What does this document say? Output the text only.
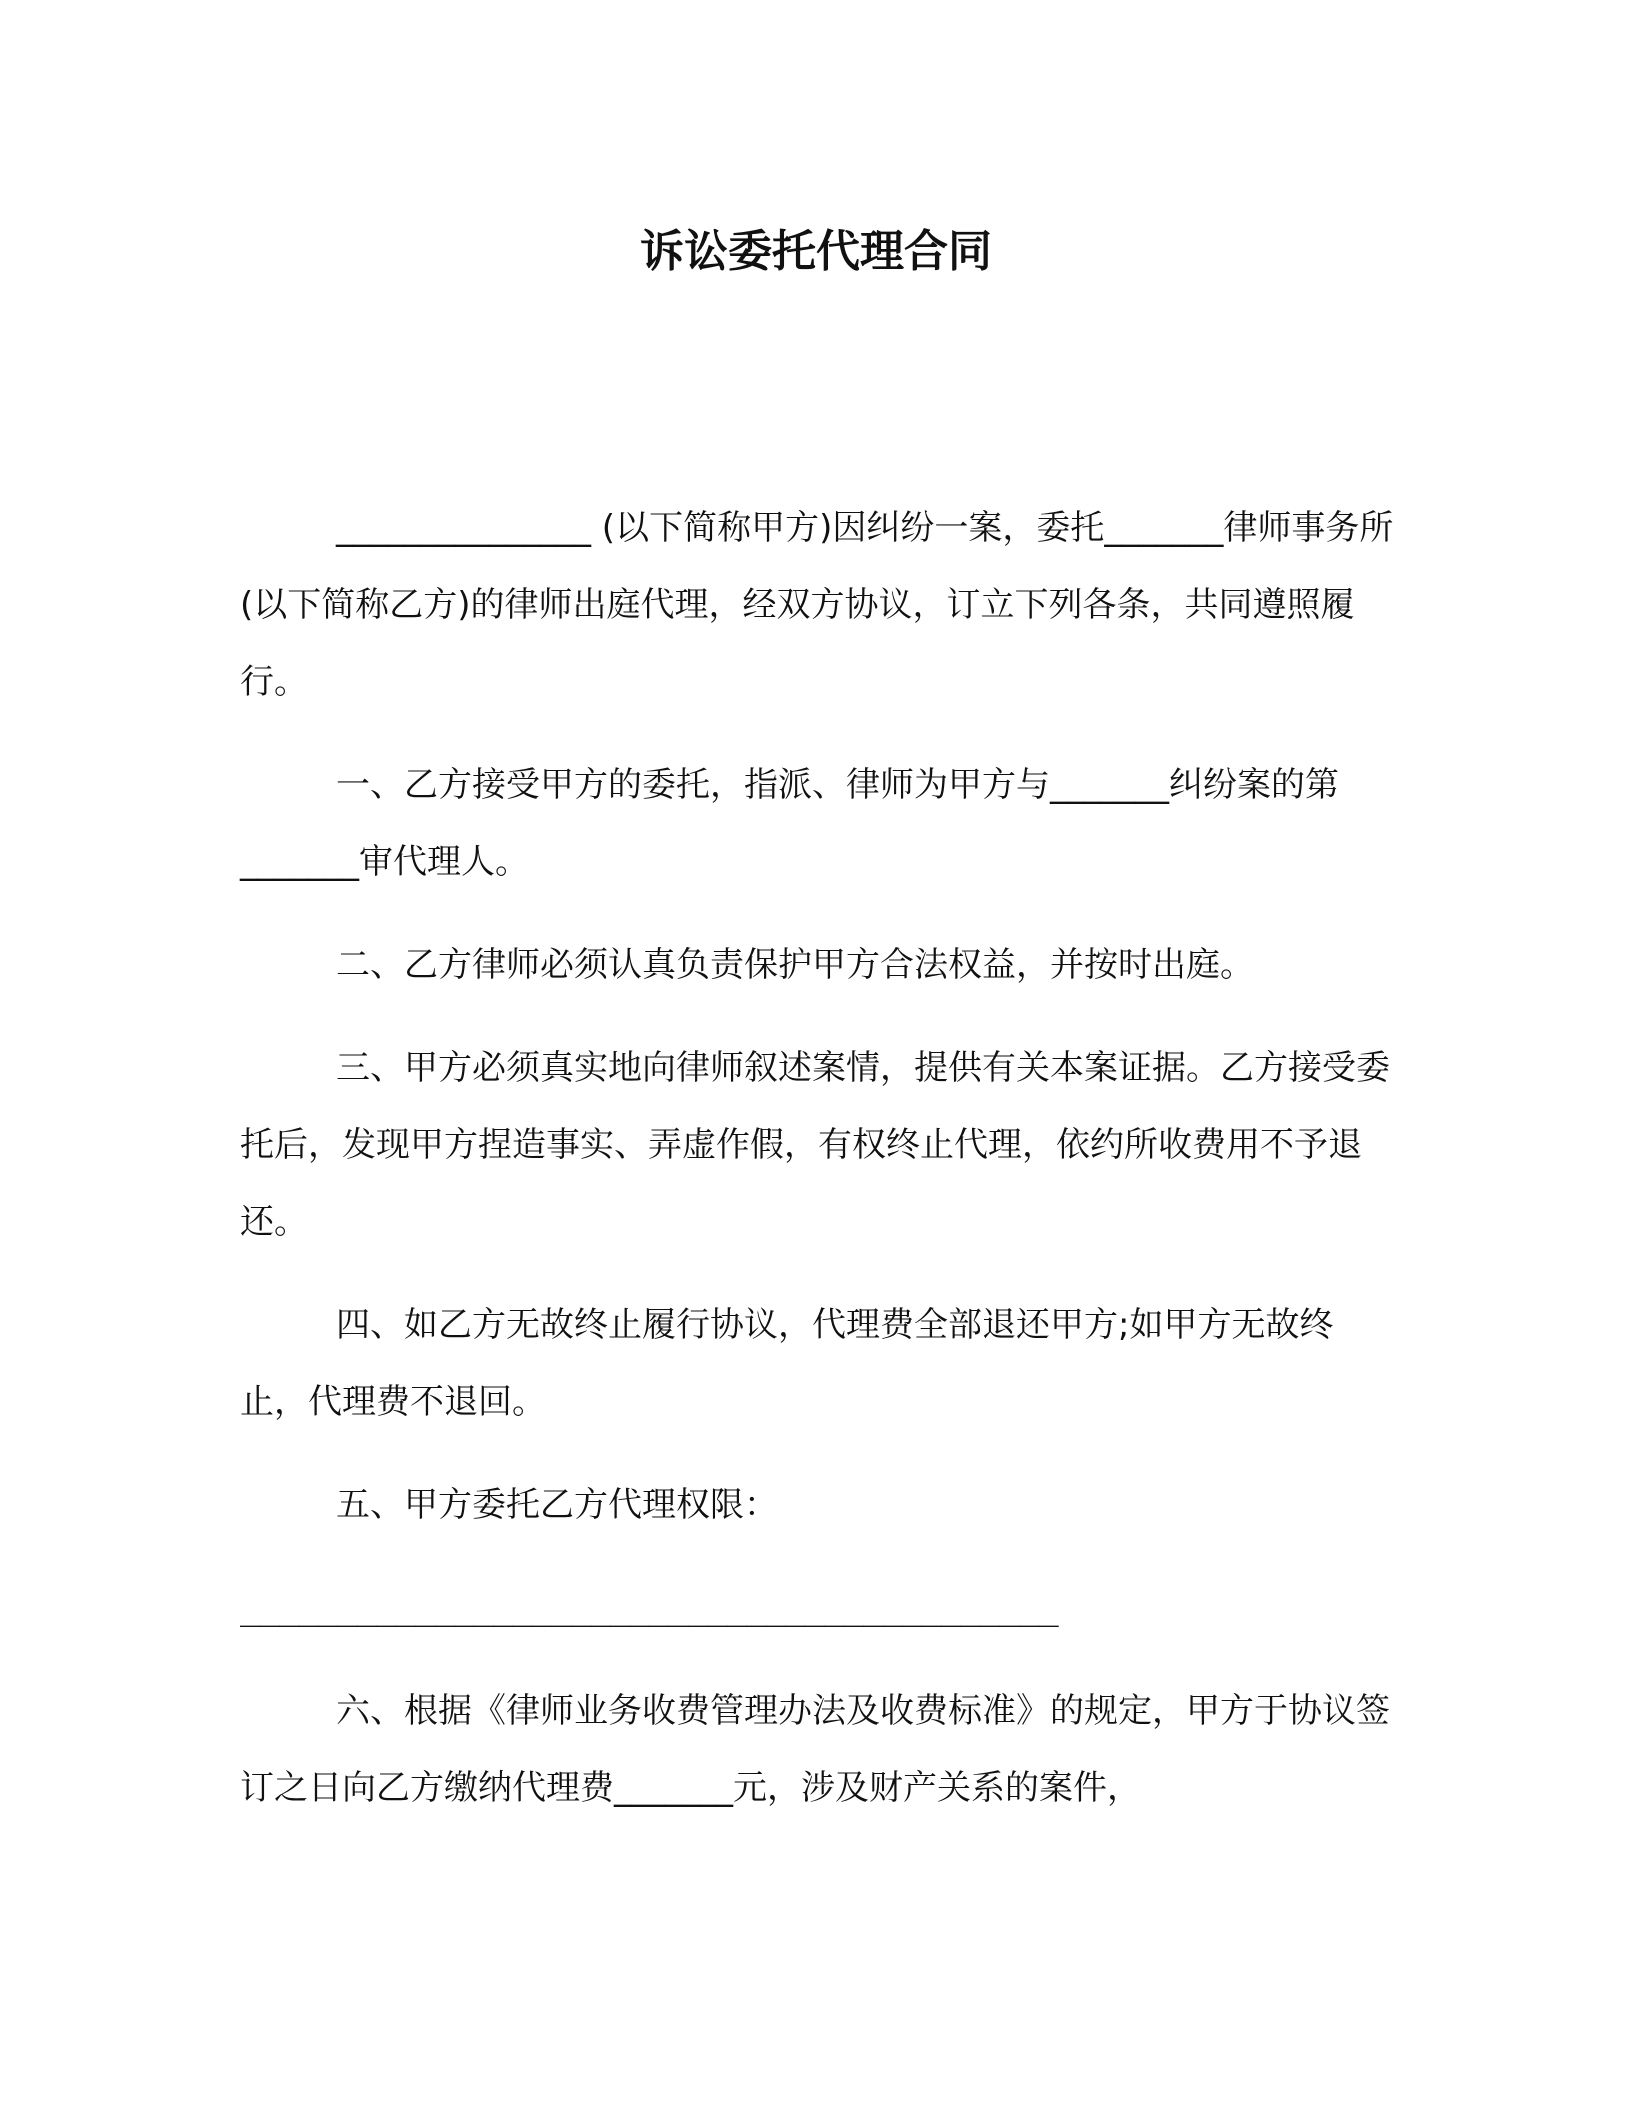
诉讼委托代理合同

_______________ (以下简称甲方)因纠纷一案，委托_______律师事务所(以下简称乙方)的律师出庭代理，经双方协议，订立下列各条，共同遵照履行。

一、乙方接受甲方的委托，指派、律师为甲方与_______纠纷案的第_______审代理人。

二、乙方律师必须认真负责保护甲方合法权益，并按时出庭。

三、甲方必须真实地向律师叙述案情，提供有关本案证据。乙方接受委托后，发现甲方捏造事实、弄虚作假，有权终止代理，依约所收费用不予退还。

四、如乙方无故终止履行协议，代理费全部退还甲方;如甲方无故终止，代理费不退回。

五、甲方委托乙方代理权限：

__________________________________________

六、根据《律师业务收费管理办法及收费标准》的规定，甲方于协议签订之日向乙方缴纳代理费_______元，涉及财产关系的案件，
